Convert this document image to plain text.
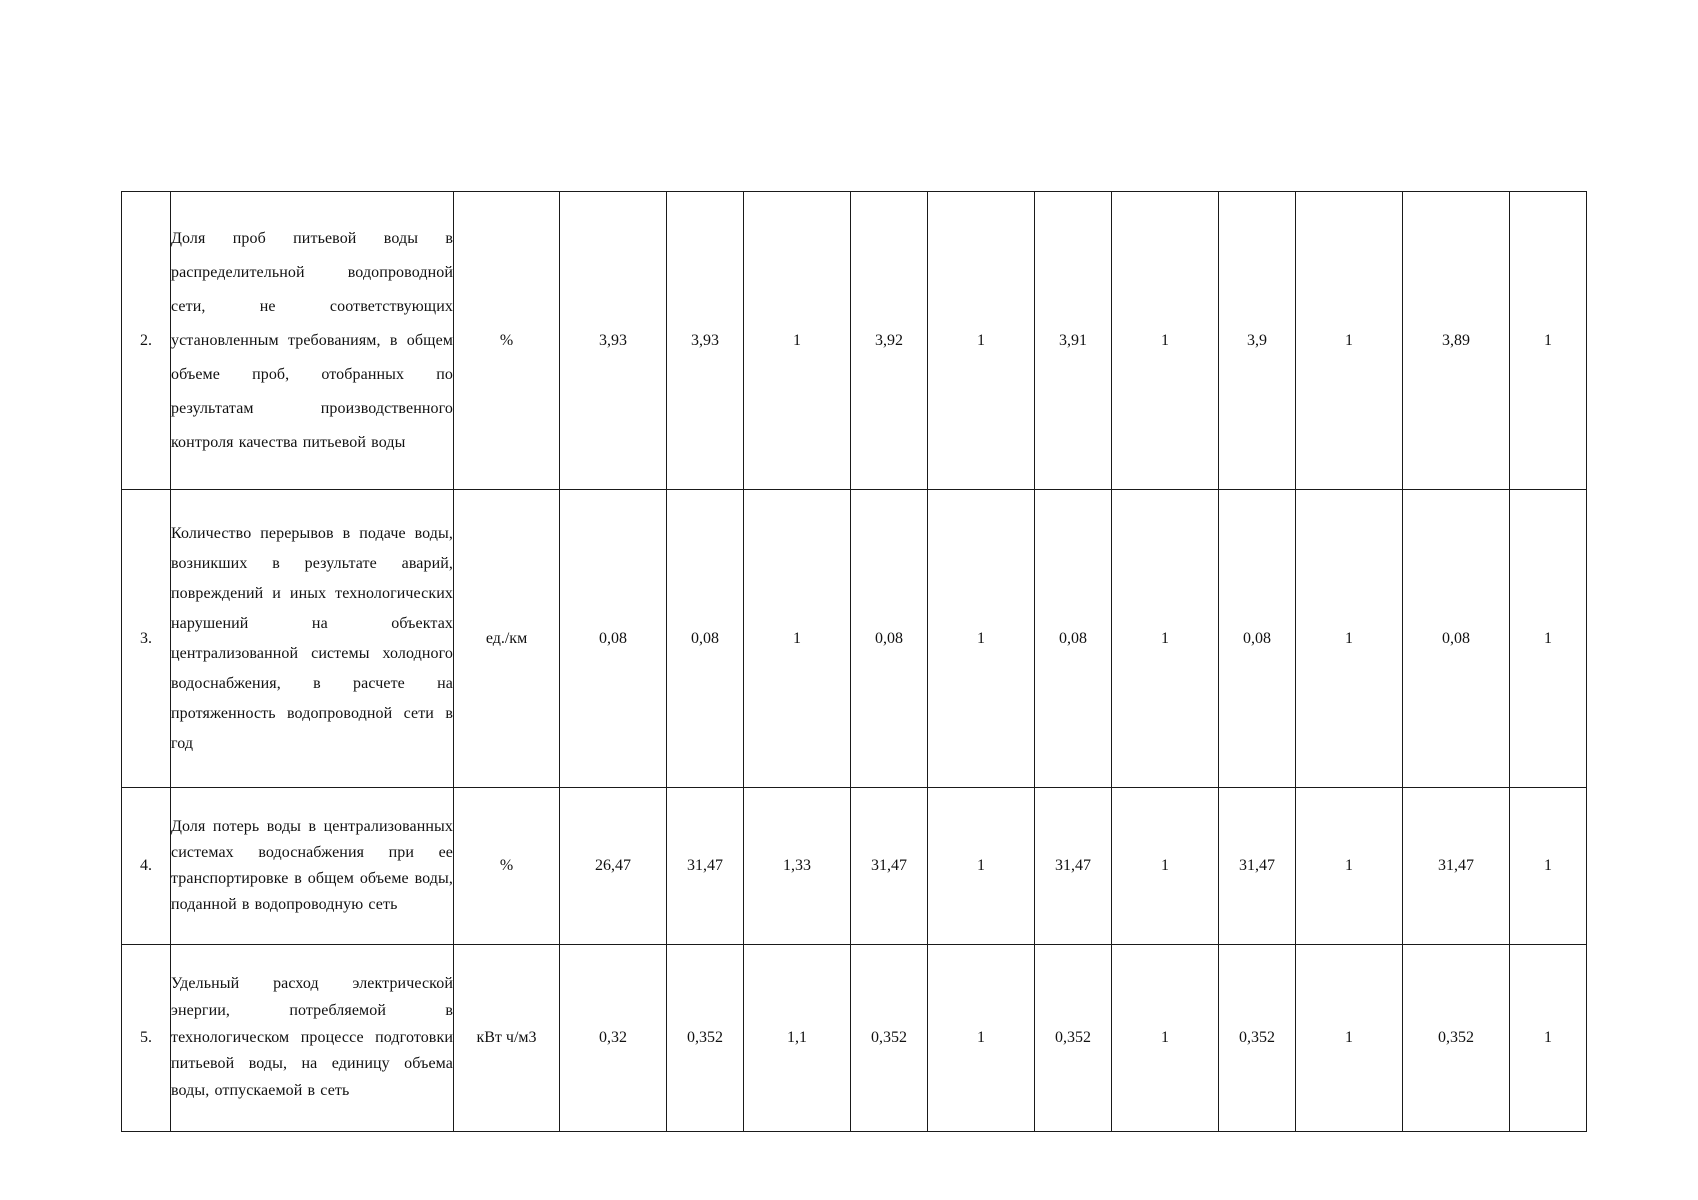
2.	Доля проб питьевой воды в распределительной водопроводной сети, не соответствующих установленным требованиям, в общем объеме проб, отобранных по результатам производственного контроля качества питьевой воды	%	3,93	3,93	1	3,92	1	3,91	1	3,9	1	3,89	1
3.	Количество перерывов в подаче воды, возникших в результате аварий, повреждений и иных технологических нарушений на объектах централизованной системы холодного водоснабжения, в расчете на протяженность водопроводной сети в год	ед./км	0,08	0,08	1	0,08	1	0,08	1	0,08	1	0,08	1
4.	Доля потерь воды в централизованных системах водоснабжения при ее транспортировке в общем объеме воды, поданной в водопроводную сеть	%	26,47	31,47	1,33	31,47	1	31,47	1	31,47	1	31,47	1
5.	Удельный расход электрической энергии, потребляемой в технологическом процессе подготовки питьевой воды, на единицу объема воды, отпускаемой в сеть	кВт ч/м3	0,32	0,352	1,1	0,352	1	0,352	1	0,352	1	0,352	1
